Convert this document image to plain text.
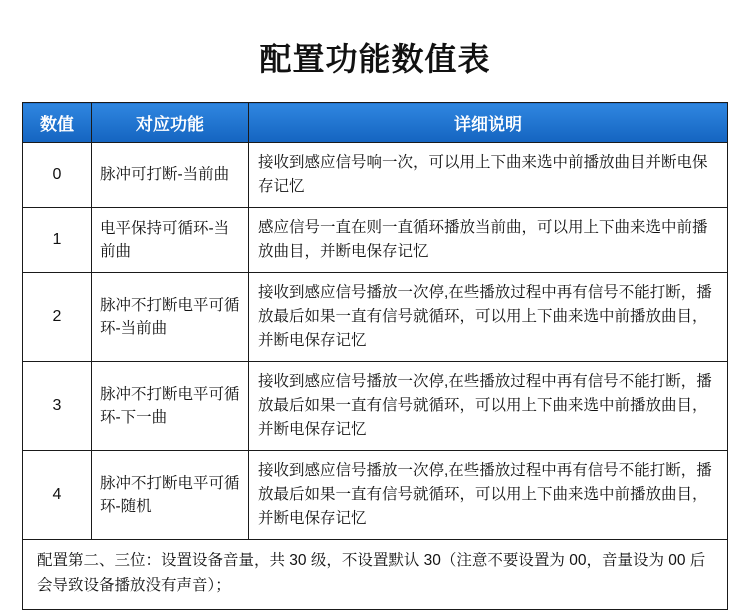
配置功能数值表
数值	对应功能	详细说明
0	脉冲可打断-当前曲	接收到感应信号响一次，可以用上下曲来选中前播放曲目并断电保存记忆
1	电平保持可循环-当前曲	感应信号一直在则一直循环播放当前曲，可以用上下曲来选中前播放曲目，并断电保存记忆
2	脉冲不打断电平可循环-当前曲	接收到感应信号播放一次停,在些播放过程中再有信号不能打断，播放最后如果一直有信号就循环，可以用上下曲来选中前播放曲目，并断电保存记忆
3	脉冲不打断电平可循环-下一曲	接收到感应信号播放一次停,在些播放过程中再有信号不能打断，播放最后如果一直有信号就循环，可以用上下曲来选中前播放曲目，并断电保存记忆
4	脉冲不打断电平可循环-随机	接收到感应信号播放一次停,在些播放过程中再有信号不能打断，播放最后如果一直有信号就循环，可以用上下曲来选中前播放曲目，并断电保存记忆
配置第二、三位：设置设备音量，共 30 级，不设置默认 30（注意不要设置为 00，音量设为 00 后会导致设备播放没有声音）；		
